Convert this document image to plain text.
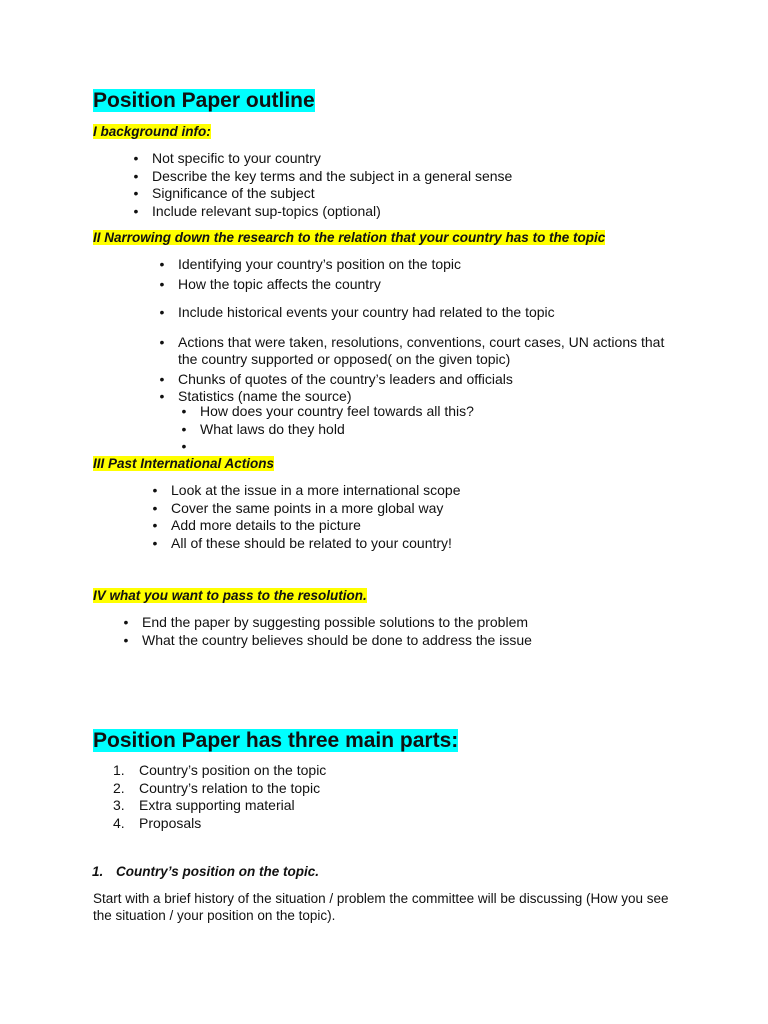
Position Paper outline

I background info:

• Not specific to your country
• Describe the key terms and the subject in a general sense
• Significance of the subject
• Include relevant sup-topics (optional)

II Narrowing down the research to the relation that your country has to the topic

• Identifying your country’s position on the topic
• How the topic affects the country
• Include historical events your country had related to the topic
• Actions that were taken, resolutions, conventions, court cases, UN actions that the country supported or opposed( on the given topic)
• Chunks of quotes of the country’s leaders and officials
• Statistics (name the source)
• How does your country feel towards all this?
• What laws do they hold
•

III Past International Actions

• Look at the issue in a more international scope
• Cover the same points in a more global way
• Add more details to the picture
• All of these should be related to your country!

IV what you want to pass to the resolution.

• End the paper by suggesting possible solutions to the problem
• What the country believes should be done to address the issue
Position Paper has three main parts:
1. Country’s position on the topic
2. Country’s relation to the topic
3. Extra supporting material
4. Proposals

1. Country’s position on the topic.

Start with a brief history of the situation / problem the committee will be discussing (How you see the situation / your position on the topic).
